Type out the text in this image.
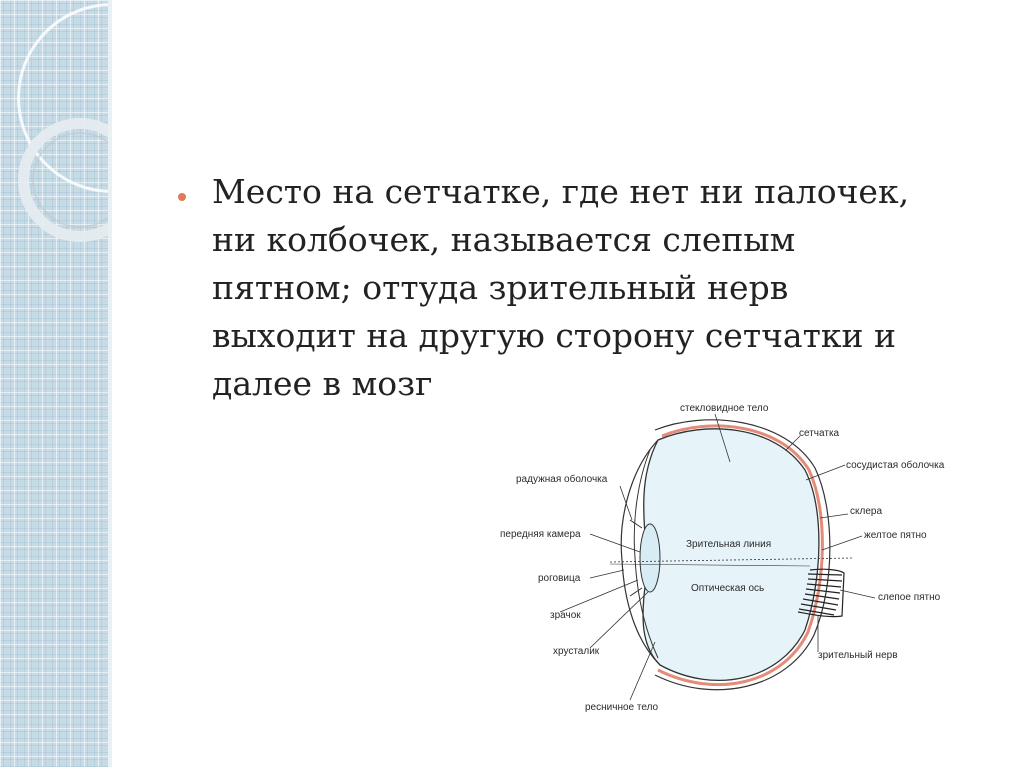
Место на сетчатке, где нет ни палочек,
ни колбочек, называется слепым
пятном; оттуда зрительный нерв
выходит на другую сторону сетчатки и
далее в мозг

стекловидное тело
сетчатка
сосудистая оболочка
склера
желтое пятно
слепое пятно
зрительный нерв
радужная оболочка
передняя камера
роговица
зрачок
хрусталик
ресничное тело
Зрительная линия
Оптическая ось
